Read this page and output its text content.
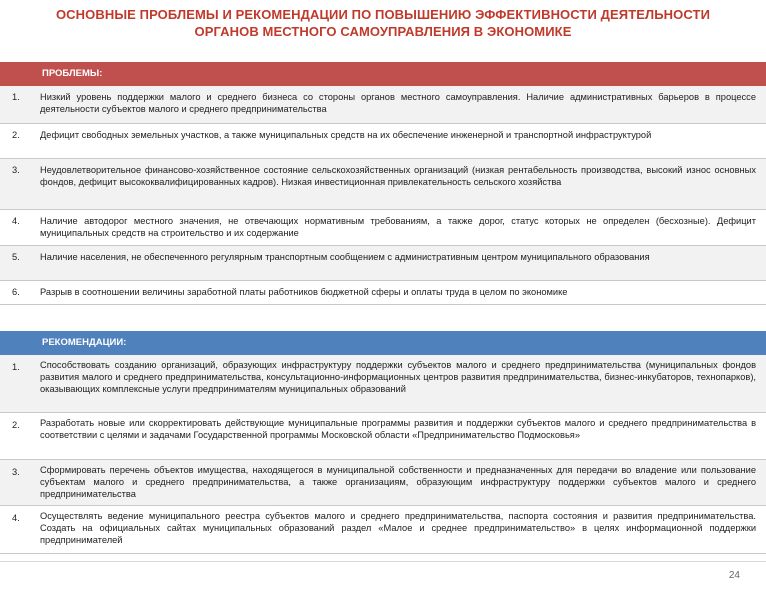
ОСНОВНЫЕ ПРОБЛЕМЫ И РЕКОМЕНДАЦИИ ПО ПОВЫШЕНИЮ ЭФФЕКТИВНОСТИ ДЕЯТЕЛЬНОСТИ
ОРГАНОВ МЕСТНОГО САМОУПРАВЛЕНИЯ В ЭКОНОМИКЕ
ПРОБЛЕМЫ:	
1.	Низкий уровень поддержки малого и среднего бизнеса со стороны органов местного самоуправления. Наличие административных барьеров в процессе деятельности субъектов малого и среднего предпринимательства
2.	Дефицит свободных земельных участков, а также муниципальных средств на их обеспечение инженерной и транспортной инфраструктурой
3.	Неудовлетворительное финансово-хозяйственное состояние сельскохозяйственных организаций (низкая рентабельность производства, высокий износ основных фондов, дефицит высококвалифицированных кадров). Низкая инвестиционная привлекательность сельского хозяйства
4.	Наличие автодорог местного значения, не отвечающих нормативным требованиям, а также дорог, статус которых не определен (бесхозные). Дефицит муниципальных средств на строительство и их содержание
5.	Наличие населения, не обеспеченного регулярным транспортным сообщением с административным центром муниципального образования
6.	Разрыв в соотношении величины заработной платы работников бюджетной сферы и оплаты труда в целом по экономике
РЕКОМЕНДАЦИИ:	
1.	Способствовать созданию организаций, образующих инфраструктуру поддержки субъектов малого и среднего предпринимательства (муниципальных фондов развития малого и среднего предпринимательства, консультационно-информационных центров развития предпринимательства, бизнес-инкубаторов, технопарков), оказывающих комплексные услуги предпринимателям муниципальных образований
2.	Разработать новые или скорректировать действующие муниципальные программы развития и поддержки субъектов малого и среднего предпринимательства в соответствии с целями и задачами Государственной программы Московской области «Предпринимательство Подмосковья»
3.	Сформировать перечень объектов имущества, находящегося в муниципальной собственности и предназначенных для передачи во владение или пользование субъектам малого и среднего предпринимательства, а также организациям, образующим инфраструктуру поддержки субъектов малого и среднего предпринимательства
4.	Осуществлять ведение муниципального реестра субъектов малого и среднего предпринимательства, паспорта состояния и развития предпринимательства. Создать на официальных сайтах муниципальных образований раздел «Малое и среднее предпринимательство» в целях информационной поддержки предпринимателей
24
